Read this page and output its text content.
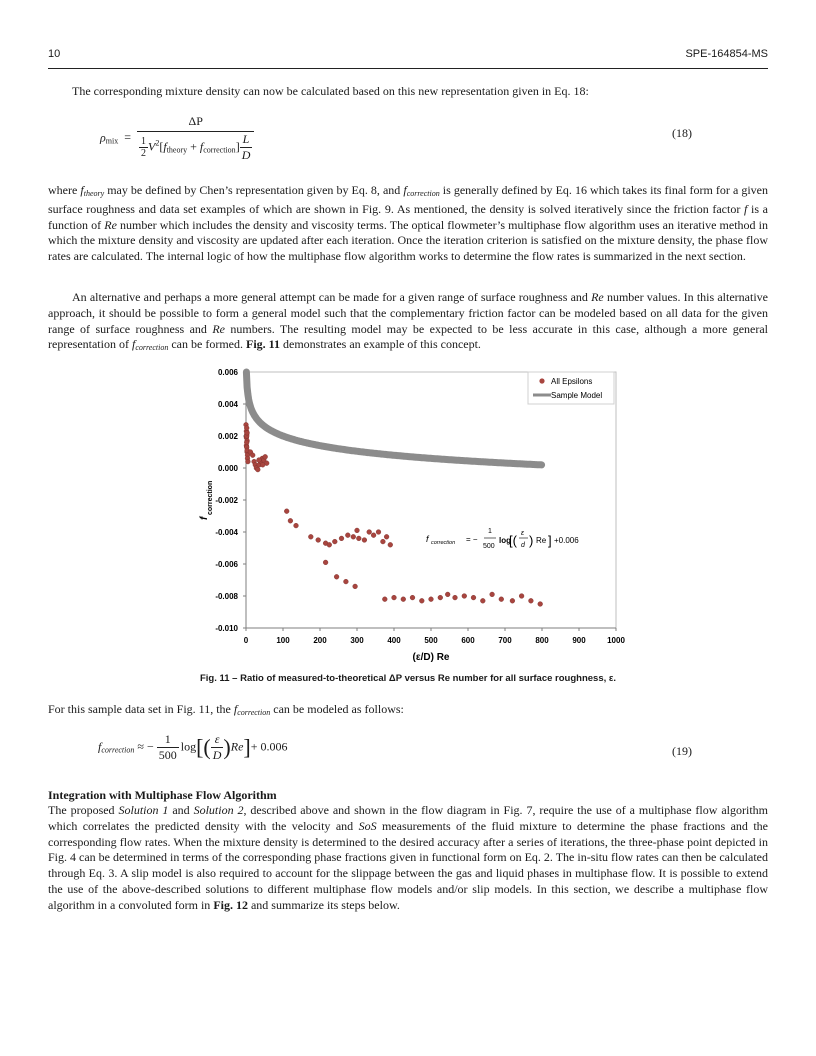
10	SPE-164854-MS

The corresponding mixture density can now be calculated based on this new representation given in Eq. 18:

$\rho_{mix} = \frac{\Delta P}{\frac{1}{2} V^2[f_{theory} + f_{correction}] \frac{L}{D}}$	(18)

where $f_{theory}$ may be defined by Chen’s representation given by Eq. 8, and $f_{correction}$ is generally defined by Eq. 16 which takes its final form for a given surface roughness and data set examples of which are shown in Fig. 9. As mentioned, the density is solved iteratively since the friction factor f is a function of Re number which includes the density and viscosity terms. The optical flowmeter’s multiphase flow algorithm uses an iterative method in which the mixture density and viscosity are updated after each iteration. Once the iteration criterion is satisfied on the mixture density, the phase flow rates are calculated. The internal logic of how the multiphase flow algorithm works to determine the flow rates is summarized in the next section.

An alternative and perhaps a more general attempt can be made for a given range of surface roughness and Re number values. In this alternative approach, it should be possible to form a general model such that the complementary friction factor can be modeled based on all data for the given range of surface roughness and Re numbers. The resulting model may be expected to be less accurate in this case, although a more general representation of $f_{correction}$ can be formed. Fig. 11 demonstrates an example of this concept.

0.006
0.004
0.002
0.000
-0.002
-0.004
-0.006
-0.008
-0.010
0	100	200	300	400	500	600	700	800	900	1000
All Epsilons
Sample Model
f correction = −
1
500
log
[( ε
d ) Re ] +0.006
(ε/D) Re
f
correction
Fig. 11 – Ratio of measured-to-theoretical ΔP versus Re number for all surface roughness, ε.

For this sample data set in Fig. 11, the $f_{correction}$ can be modeled as follows:

$f_{correction}$ ≈ − $\frac{1}{500} \log[( \frac{\varepsilon}{D} )Re]+ 0.006$	(19)
Integration with Multiphase Flow Algorithm

The proposed Solution 1 and Solution 2, described above and shown in the flow diagram in Fig. 7, require the use of a multiphase flow algorithm which correlates the predicted density with the velocity and SoS measurements of the fluid mixture to determine the phase fractions and the corresponding flow rates. When the mixture density is determined to the desired accuracy after a series of iterations, the three-phase point depicted in Fig. 4 can be determined in terms of the corresponding phase fractions given in functional form on Eq. 2. The in-situ flow rates can then be calculated through Eq. 3. A slip model is also required to account for the slippage between the gas and liquid phases in multiphase flow. It is possible to extend the use of the above-described solutions to different multiphase flow models and/or slip models. In this section, we describe a multiphase flow algorithm in a convoluted form in Fig. 12 and summarize its steps below.
